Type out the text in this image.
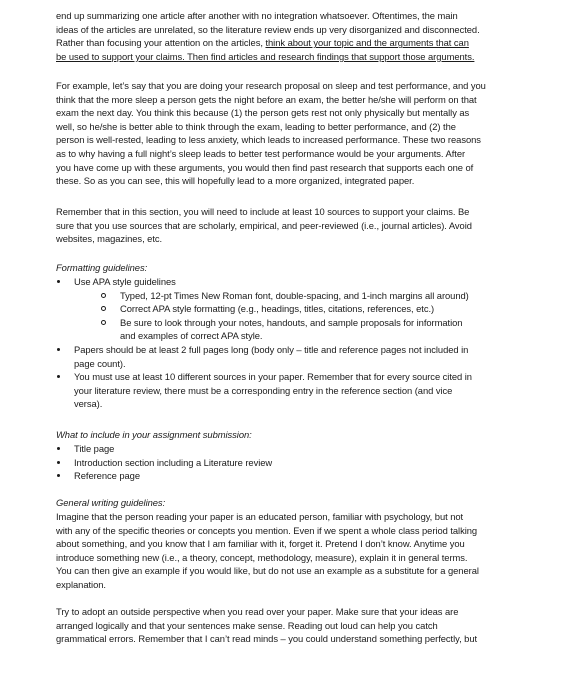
end up summarizing one article after another with no integration whatsoever. Oftentimes, the main
ideas of the articles are unrelated, so the literature review ends up very disorganized and disconnected.
Rather than focusing your attention on the articles, think about your topic and the arguments that can
be used to support your claims. Then find articles and research findings that support those arguments.
For example, let’s say that you are doing your research proposal on sleep and test performance, and you
think that the more sleep a person gets the night before an exam, the better he/she will perform on that
exam the next day. You think this because (1) the person gets rest not only physically but mentally as
well, so he/she is better able to think through the exam, leading to better performance, and (2) the
person is well-rested, leading to less anxiety, which leads to increased performance. These two reasons
as to why having a full night’s sleep leads to better test performance would be your arguments. After
you have come up with these arguments, you would then find past research that supports each one of
these. So as you can see, this will hopefully lead to a more organized, integrated paper.
Remember that in this section, you will need to include at least 10 sources to support your claims. Be
sure that you use sources that are scholarly, empirical, and peer-reviewed (i.e., journal articles). Avoid
websites, magazines, etc.
Formatting guidelines:
Use APA style guidelines
Typed, 12-pt Times New Roman font, double-spacing, and 1-inch margins all around)
Correct APA style formatting (e.g., headings, titles, citations, references, etc.)
Be sure to look through your notes, handouts, and sample proposals for information
and examples of correct APA style.
Papers should be at least 2 full pages long (body only – title and reference pages not included in
page count).
You must use at least 10 different sources in your paper. Remember that for every source cited in
your literature review, there must be a corresponding entry in the reference section (and vice
versa).
What to include in your assignment submission:
Title page
Introduction section including a Literature review
Reference page
General writing guidelines:
Imagine that the person reading your paper is an educated person, familiar with psychology, but not
with any of the specific theories or concepts you mention. Even if we spent a whole class period talking
about something, and you know that I am familiar with it, forget it. Pretend I don’t know. Anytime you
introduce something new (i.e., a theory, concept, methodology, measure), explain it in general terms.
You can then give an example if you would like, but do not use an example as a substitute for a general
explanation.
Try to adopt an outside perspective when you read over your paper. Make sure that your ideas are
arranged logically and that your sentences make sense. Reading out loud can help you catch
grammatical errors. Remember that I can’t read minds – you could understand something perfectly, but
